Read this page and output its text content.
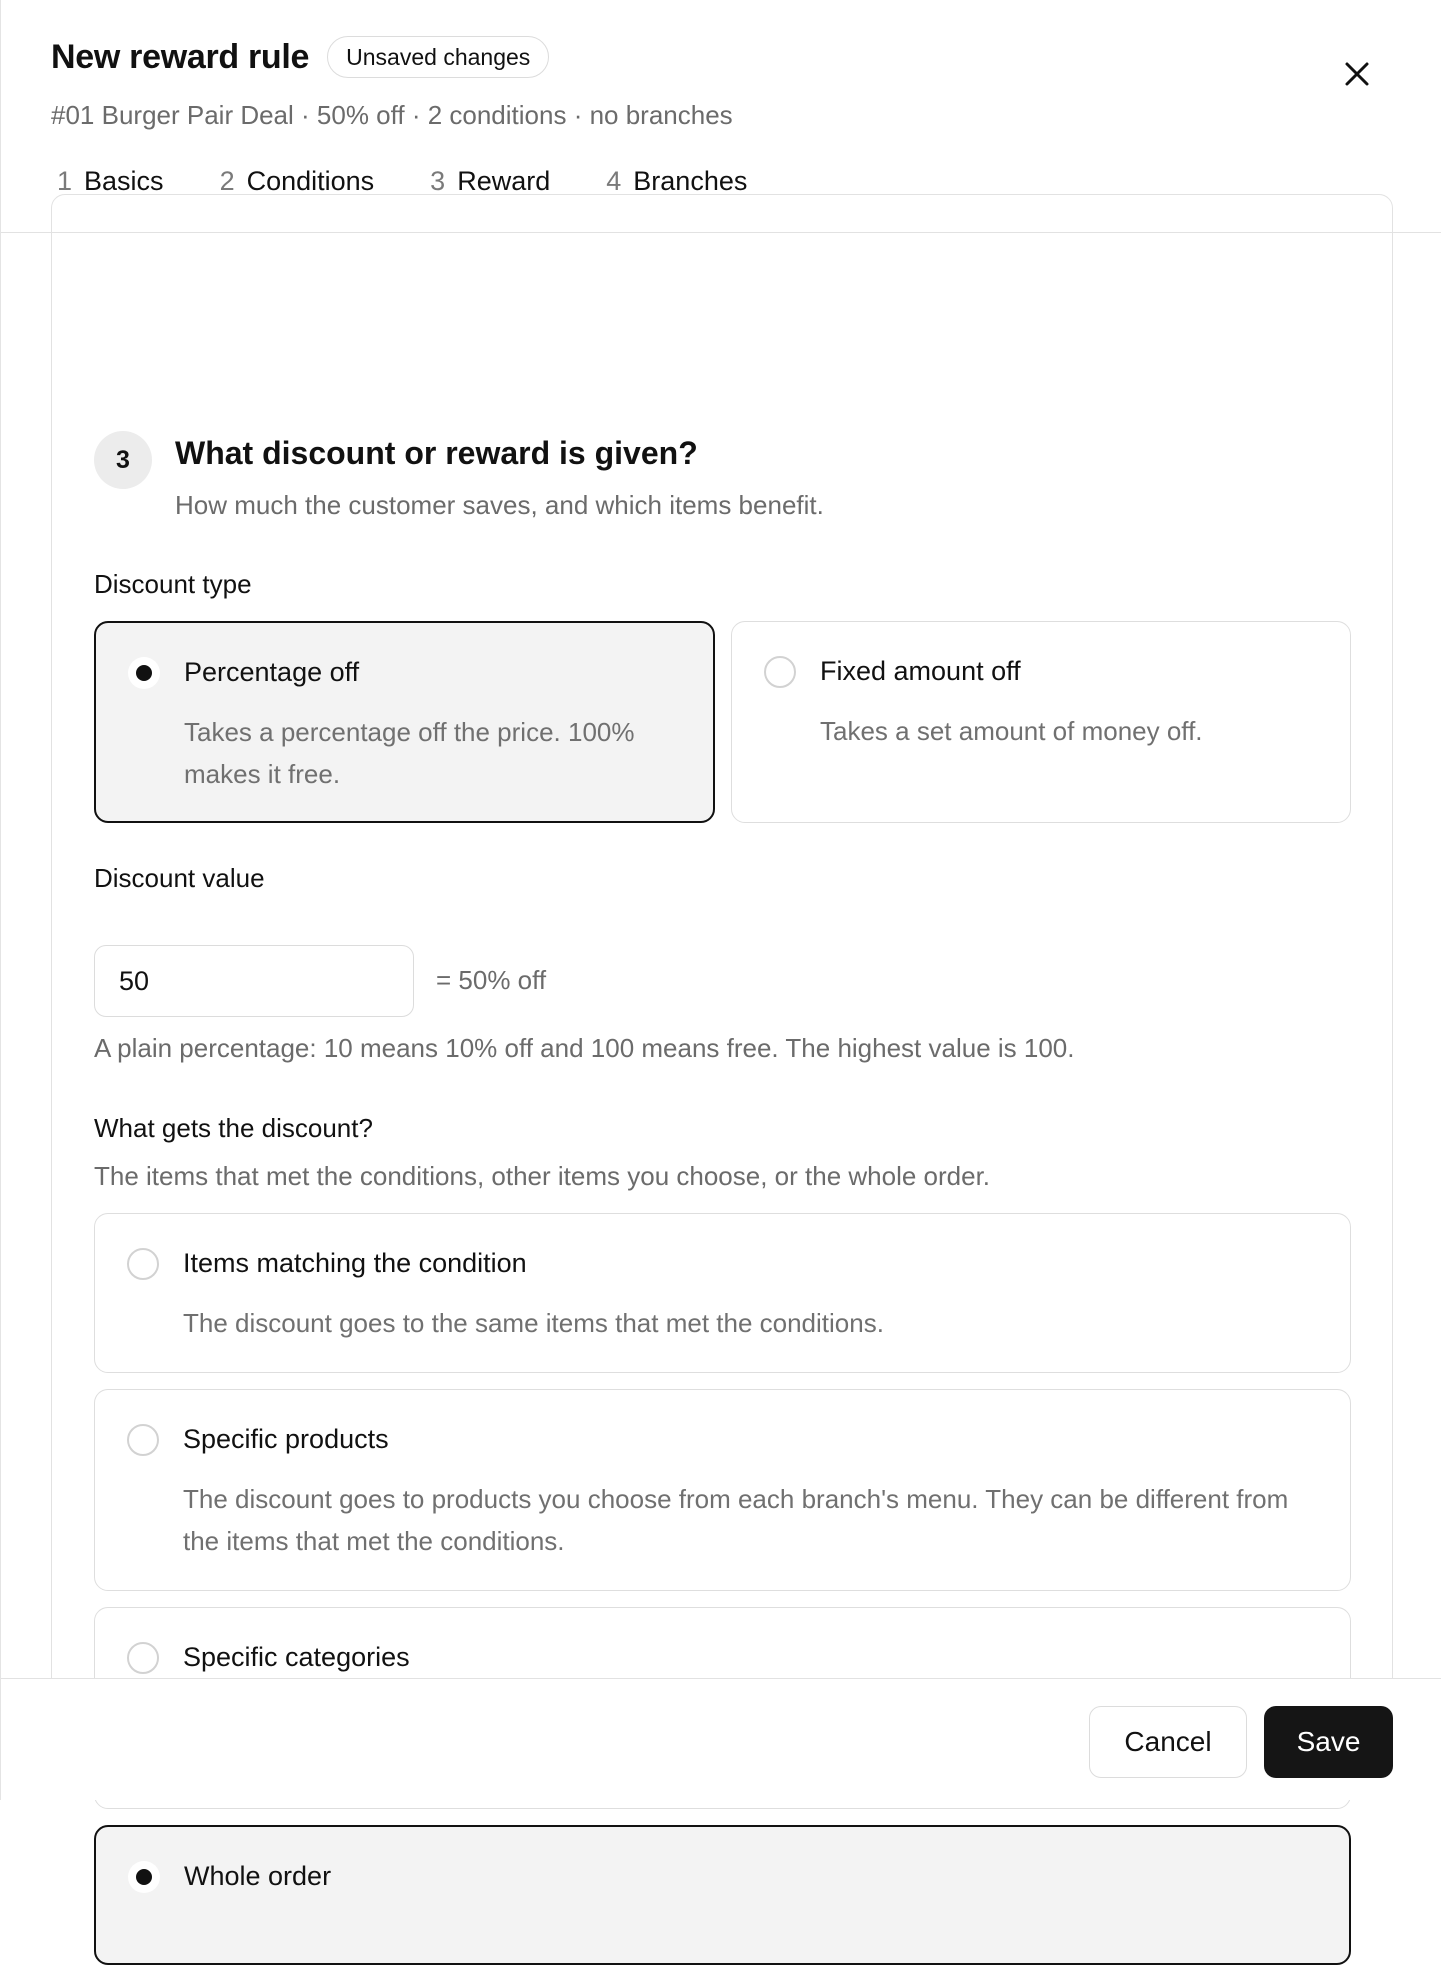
New reward rule	Unsaved changes
#01 Burger Pair Deal · 50% off · 2 conditions · no branches
1 Basics 2 Conditions 3 Reward 4 Branches
3	What discount or reward is given?
How much the customer saves, and which items benefit.
Discount type
Percentage off
Takes a percentage off the price. 100% makes it free.
Fixed amount off
Takes a set amount of money off.
Discount value
50
= 50% off
A plain percentage: 10 means 10% off and 100 means free. The highest value is 100.
What gets the discount?
The items that met the conditions, other items you choose, or the whole order.
Items matching the condition
The discount goes to the same items that met the conditions.
Specific products
The discount goes to products you choose from each branch's menu. They can be different from the items that met the conditions.
Specific categories
Whole order
Cancel	Save
